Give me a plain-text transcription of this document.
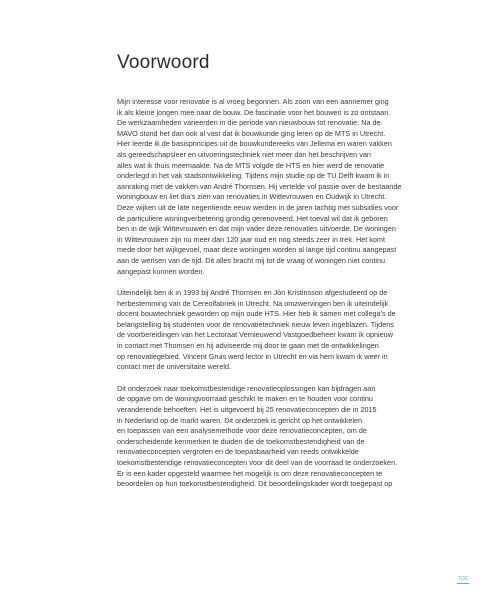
Voorwoord

Mijn interesse voor renovatie is al vroeg begonnen. Als zoon van een aannemer ging
ik als kleine jongen mee naar de bouw. De fascinatie voor het bouwen is zo ontstaan.
De werkzaamheden varieerden in die periode van nieuwbouw tot renovatie. Na de
MAVO stond het dan ook al vast dat ik bouwkunde ging leren op de MTS in Utrecht.
Hier leerde ik de basisprincipes uit de bouwkundereeks van Jellema en waren vakken
als gereedschapsleer en uitvoeringstechniek niet meer dan het beschrijven van
alles wat ik thuis meemaakte. Na de MTS volgde de HTS en hier werd de renovatie
onderlegd in het vak stadsontwikkeling. Tijdens mijn studie op de TU Delft kwam ik in
aanraking met de vakken van André Thomsen. Hij vertelde vol passie over de bestaande
woningbouw en liet dia's zien van renovaties in Wittevrouwen en Oudwijk in Utrecht.
Deze wijken uit de late negentiende eeuw werden in de jaren tachtig met subsidies voor
de particuliere woningverbetering grondig gerenoveerd. Het toeval wil dat ik geboren
ben in de wijk Wittevrouwen en dat mijn vader deze renovaties uitvoerde. De woningen
in Wittevrouwen zijn nu meer dan 120 jaar oud en nog steeds zeer in trek. Het komt
mede door het wijkgevoel, maar deze woningen worden al lange tijd continu aangepast
aan de wensen van de tijd. Dit alles bracht mij tot de vraag of woningen niet continu
aangepast kunnen worden.

Uiteindelijk ben ik in 1993 bij André Thomsen en Jón Kristinsson afgestudeerd op de
herbestemming van de Cereolfabriek in Utrecht. Na omzwervingen ben ik uiteindelijk
docent bouwtechniek geworden op mijn oude HTS. Hier heb ik samen met collega's de
belangstelling bij studenten voor de renovatietechniek nieuw leven ingeblazen. Tijdens
de voorbereidingen van het Lectoraat Vernieuwend Vastgoedbeheer kwam ik opnieuw
in contact met Thomsen en hij adviseerde mij door te gaan met de ontwikkelingen
op renovatiegebied. Vincent Gruis werd lector in Utrecht en via hem kwam ik weer in
contact met de universitaire wereld.

Dit onderzoek naar toekomstbestendige renovatieoplossingen kan bijdragen aan
de opgave om de woningvoorraad geschikt te maken en te houden voor continu
veranderende behoeften. Het is uitgevoerd bij 25 renovatieconcepten die in 2015
in Nederland op de markt waren. Dit onderzoek is gericht op het ontwikkelen
en toepassen van een analysemethode voor deze renovatieconcepten, om de
onderscheidende kenmerken te duiden die de toekomstbestendigheid van de
renovatieconcepten vergroten en de toepasbaarheid van reeds ontwikkelde
toekomstbestendige renovatieconcepten voor dit deel van de voorraad te onderzoeken.
Er is een kader opgesteld waarmee het mogelijk is om deze renovatieconcepten te
beoordelen op hun toekomstbestendigheid. Dit beoordelingskader wordt toegepast op

TOC
